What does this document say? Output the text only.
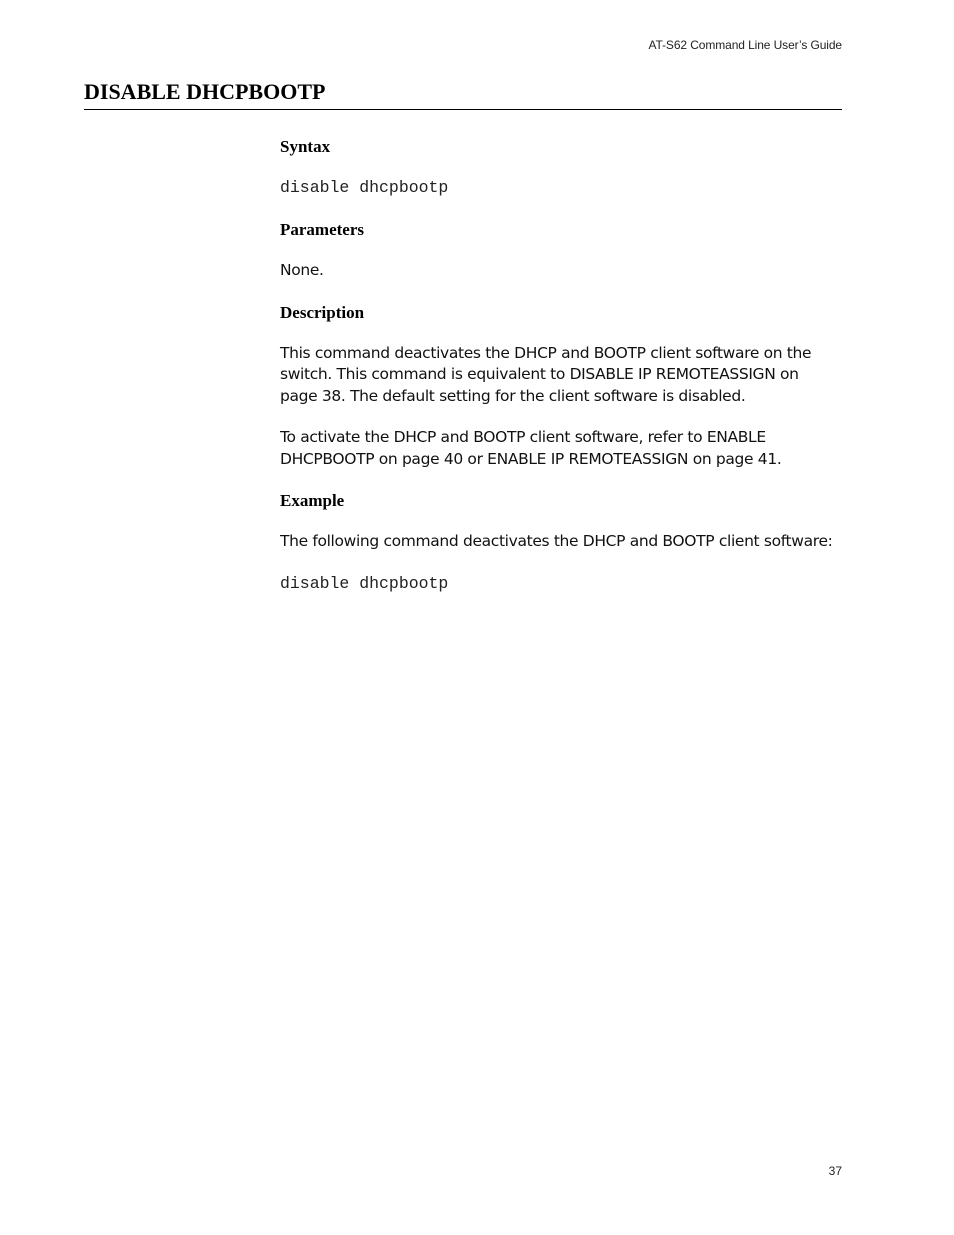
AT-S62 Command Line User’s Guide
DISABLE DHCPBOOTP
Syntax
disable dhcpbootp
Parameters

None.

Description

This command deactivates the DHCP and BOOTP client software on the switch. This command is equivalent to DISABLE IP REMOTEASSIGN on page 38. The default setting for the client software is disabled.

To activate the DHCP and BOOTP client software, refer to ENABLE DHCPBOOTP on page 40 or ENABLE IP REMOTEASSIGN on page 41.

Example

The following command deactivates the DHCP and BOOTP client software:

disable dhcpbootp
37
